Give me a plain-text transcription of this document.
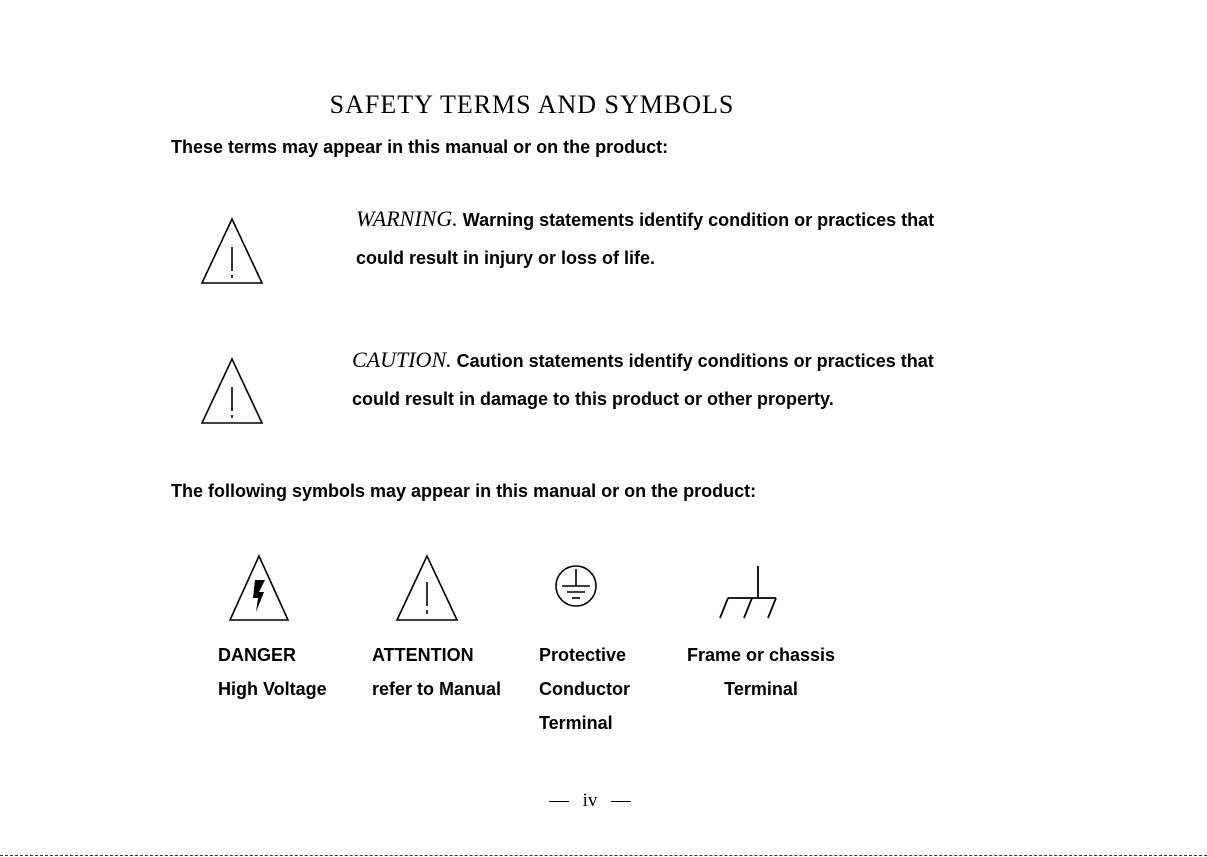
SAFETY TERMS AND SYMBOLS
These terms may appear in this manual or on the product:
WARNING. Warning statements identify condition or practices that
could result in injury or loss of life.
CAUTION. Caution statements identify conditions or practices that
could result in damage to this product or other property.
The following symbols may appear in this manual or on the product:
DANGER
High Voltage
ATTENTION
refer to Manual
Protective
Conductor
Terminal
Frame or chassis
Terminal
iv
